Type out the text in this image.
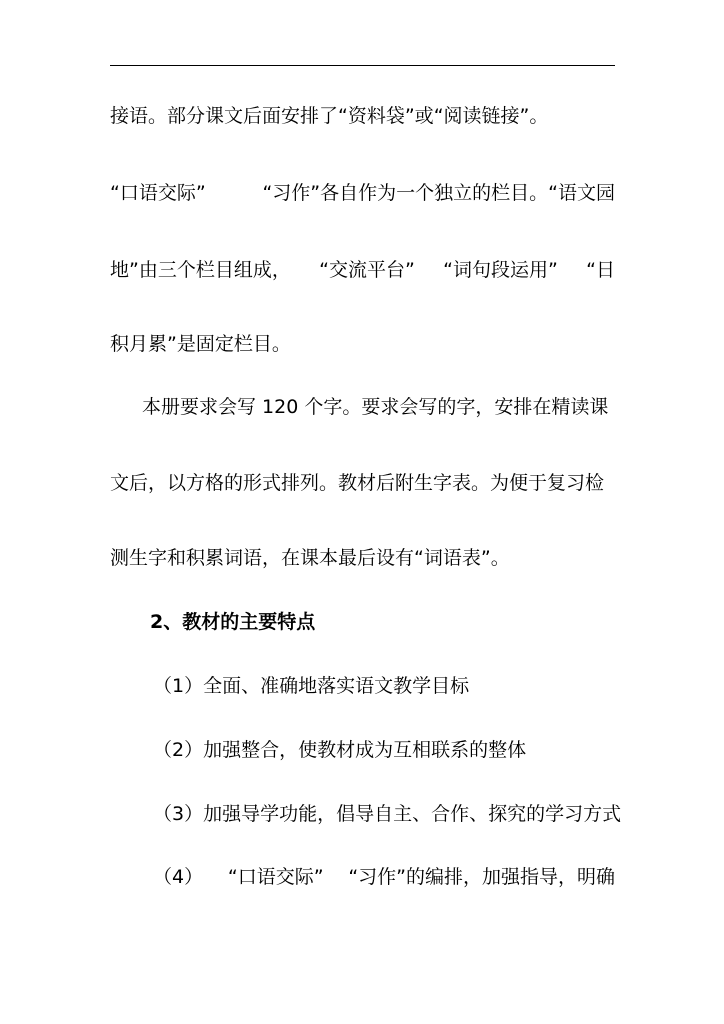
接语。部分课文后面安排了“资料袋”或“阅读链接”。
“口语交际”	“习作”各自作为一个独立的栏目。“语文园
地”由三个栏目组成， “交流平台” “词句段运用” “日
积月累”是固定栏目。
本册要求会写 120 个字。要求会写的字，安排在精读课
文后，以方格的形式排列。教材后附生字表。为便于复习检
测生字和积累词语，在课本最后设有“词语表”。
2、教材的主要特点
（1）全面、准确地落实语文教学目标
（2）加强整合，使教材成为互相联系的整体
（3）加强导学功能，倡导自主、合作、探究的学习方式
（4） “口语交际” “习作”的编排，加强指导，明确
